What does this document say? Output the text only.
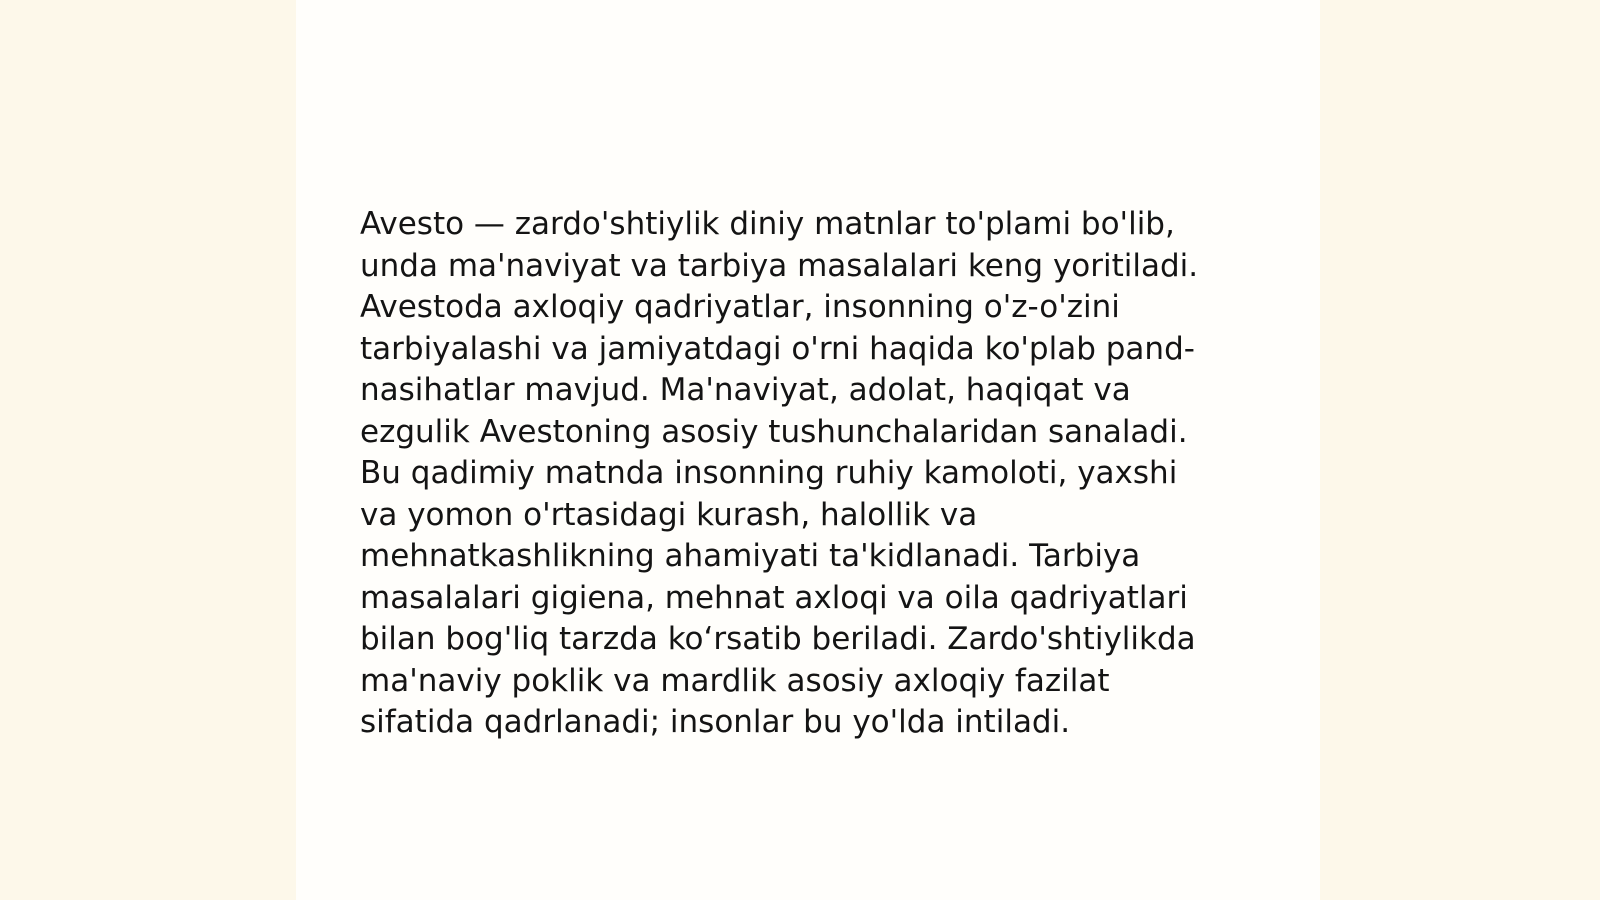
Avesto — zardo'shtiylik diniy matnlar to'plami bo'lib,
unda ma'naviyat va tarbiya masalalari keng yoritiladi.
Avestoda axloqiy qadriyatlar, insonning o'z-o'zini
tarbiyalashi va jamiyatdagi o'rni haqida ko'plab pand-
nasihatlar mavjud. Ma'naviyat, adolat, haqiqat va
ezgulik Avestoning asosiy tushunchalaridan sanaladi.
Bu qadimiy matnda insonning ruhiy kamoloti, yaxshi
va yomon o'rtasidagi kurash, halollik va
mehnatkashlikning ahamiyati ta'kidlanadi. Tarbiya
masalalari gigiena, mehnat axloqi va oila qadriyatlari
bilan bog'liq tarzda ko‘rsatib beriladi. Zardo'shtiylikda
ma'naviy poklik va mardlik asosiy axloqiy fazilat
sifatida qadrlanadi; insonlar bu yo'lda intiladi.
